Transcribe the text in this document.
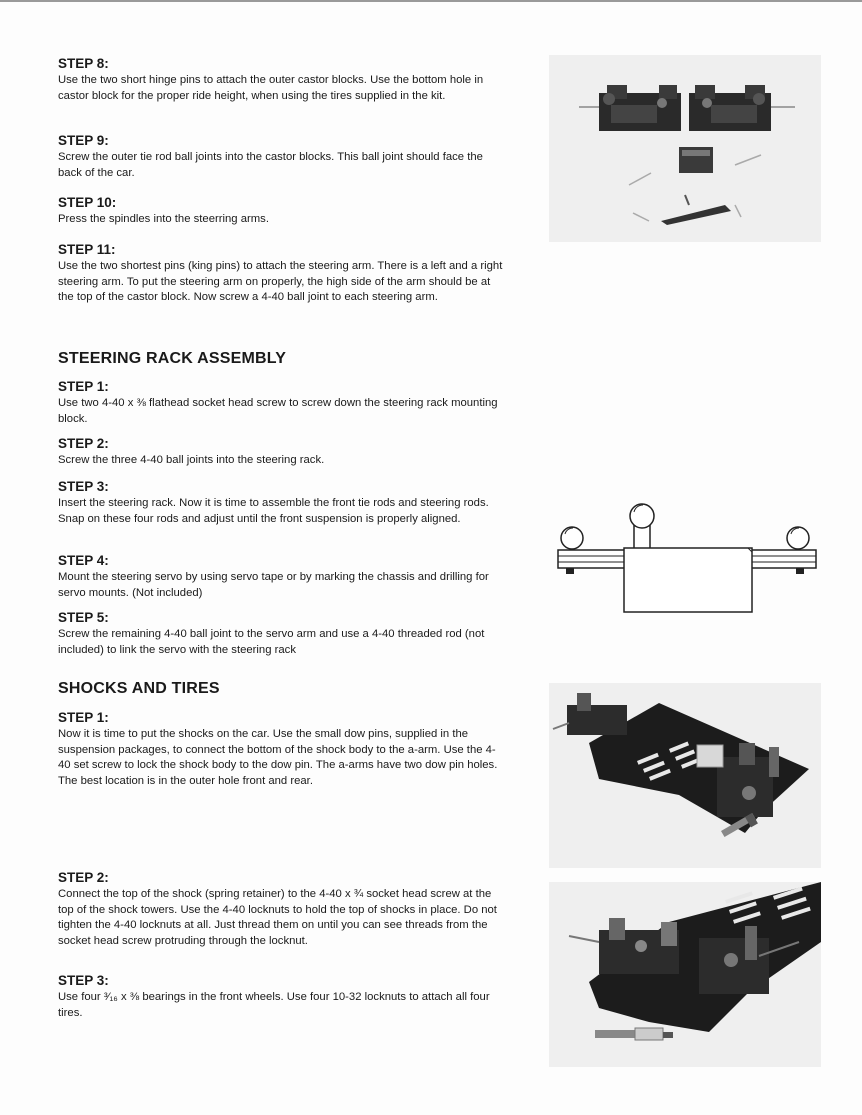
STEP 8:

Use the two short hinge pins to attach the outer castor blocks. Use the bottom hole in castor block for the proper ride height, when using the tires supplied in the kit.

STEP 9:

Screw the outer tie rod ball joints into the castor blocks. This ball joint should face the back of the car.

STEP 10:

Press the spindles into the steerring arms.

STEP 11:

Use the two shortest pins (king pins) to attach the steering arm. There is a left and a right steering arm. To put the steering arm on properly, the high side of the arm should be at the top of the castor block. Now screw a 4-40 ball joint to each steering arm.

STEERING RACK ASSEMBLY

STEP 1:

Use two 4-40 x ⅜ flathead socket head screw to screw down the steering rack mounting block.

STEP 2:

Screw the three 4-40 ball joints into the steering rack.

STEP 3:

Insert the steering rack. Now it is time to assemble the front tie rods and steering rods. Snap on these four rods and adjust until the front suspension is properly aligned.

STEP 4:

Mount the steering servo by using servo tape or by marking the chassis and drilling for servo mounts. (Not included)

STEP 5:

Screw the remaining 4-40 ball joint to the servo arm and use a 4-40 threaded rod (not included) to link the servo with the steering rack

SHOCKS AND TIRES

STEP 1:

Now it is time to put the shocks on the car. Use the small dow pins, supplied in the suspension packages, to connect the bottom of the shock body to the a-arm. Use the 4-40 set screw to lock the shock body to the dow pin. The a-arms have two dow pin holes. The best location is in the outer hole front and rear.

STEP 2:

Connect the top of the shock (spring retainer) to the 4-40 x ¾ socket head screw at the top of the shock towers. Use the 4-40 locknuts to hold the top of shocks in place. Do not tighten the 4-40 locknuts at all. Just thread them on until you can see threads from the socket head screw protruding through the locknut.

STEP 3:

Use four ³⁄₁₆ x ⅜ bearings in the front wheels. Use four 10-32 locknuts to attach all four tires.
